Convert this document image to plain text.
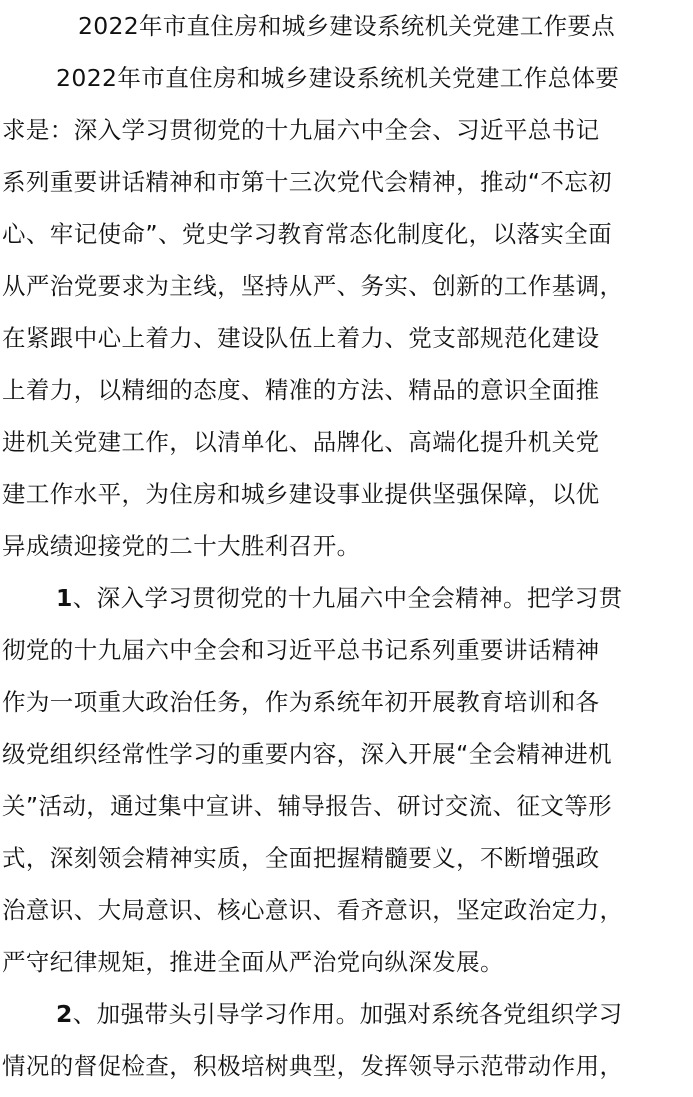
2022年市直住房和城乡建设系统机关党建工作要点
2022年市直住房和城乡建设系统机关党建工作总体要
求是：深入学习贯彻党的十九届六中全会、习近平总书记
系列重要讲话精神和市第十三次党代会精神，推动“不忘初
心、牢记使命”、党史学习教育常态化制度化，以落实全面
从严治党要求为主线，坚持从严、务实、创新的工作基调，
在紧跟中心上着力、建设队伍上着力、党支部规范化建设
上着力，以精细的态度、精准的方法、精品的意识全面推
进机关党建工作，以清单化、品牌化、高端化提升机关党
建工作水平，为住房和城乡建设事业提供坚强保障，以优
异成绩迎接党的二十大胜利召开。
1、深入学习贯彻党的十九届六中全会精神。把学习贯
彻党的十九届六中全会和习近平总书记系列重要讲话精神
作为一项重大政治任务，作为系统年初开展教育培训和各
级党组织经常性学习的重要内容，深入开展“全会精神进机
关”活动，通过集中宣讲、辅导报告、研讨交流、征文等形
式，深刻领会精神实质，全面把握精髓要义，不断增强政
治意识、大局意识、核心意识、看齐意识，坚定政治定力，
严守纪律规矩，推进全面从严治党向纵深发展。
2、加强带头引导学习作用。加强对系统各党组织学习
情况的督促检查，积极培树典型，发挥领导示范带动作用，
